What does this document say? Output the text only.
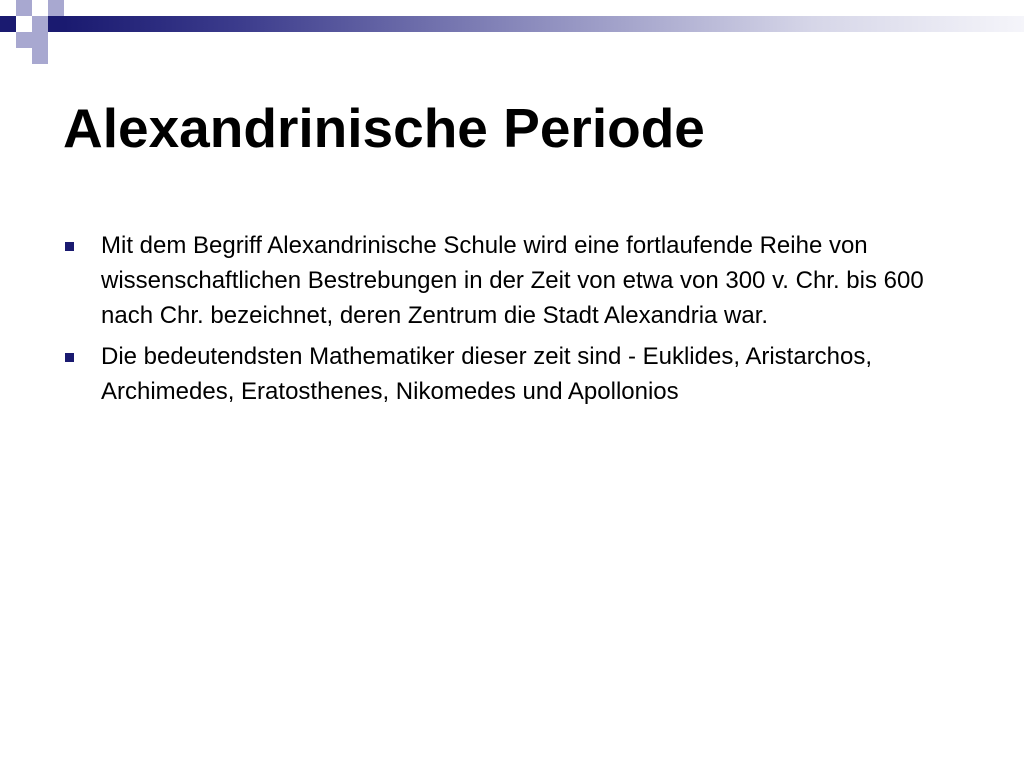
Alexandrinische Periode
Mit dem Begriff Alexandrinische Schule wird eine fortlaufende Reihe von wissenschaftlichen Bestrebungen in der Zeit von etwa von 300 v. Chr. bis 600 nach Chr. bezeichnet, deren Zentrum die Stadt Alexandria war.
Die bedeutendsten Mathematiker dieser zeit sind - Euklides, Aristarchos, Archimedes, Eratosthenes, Nikomedes und Apollonios
